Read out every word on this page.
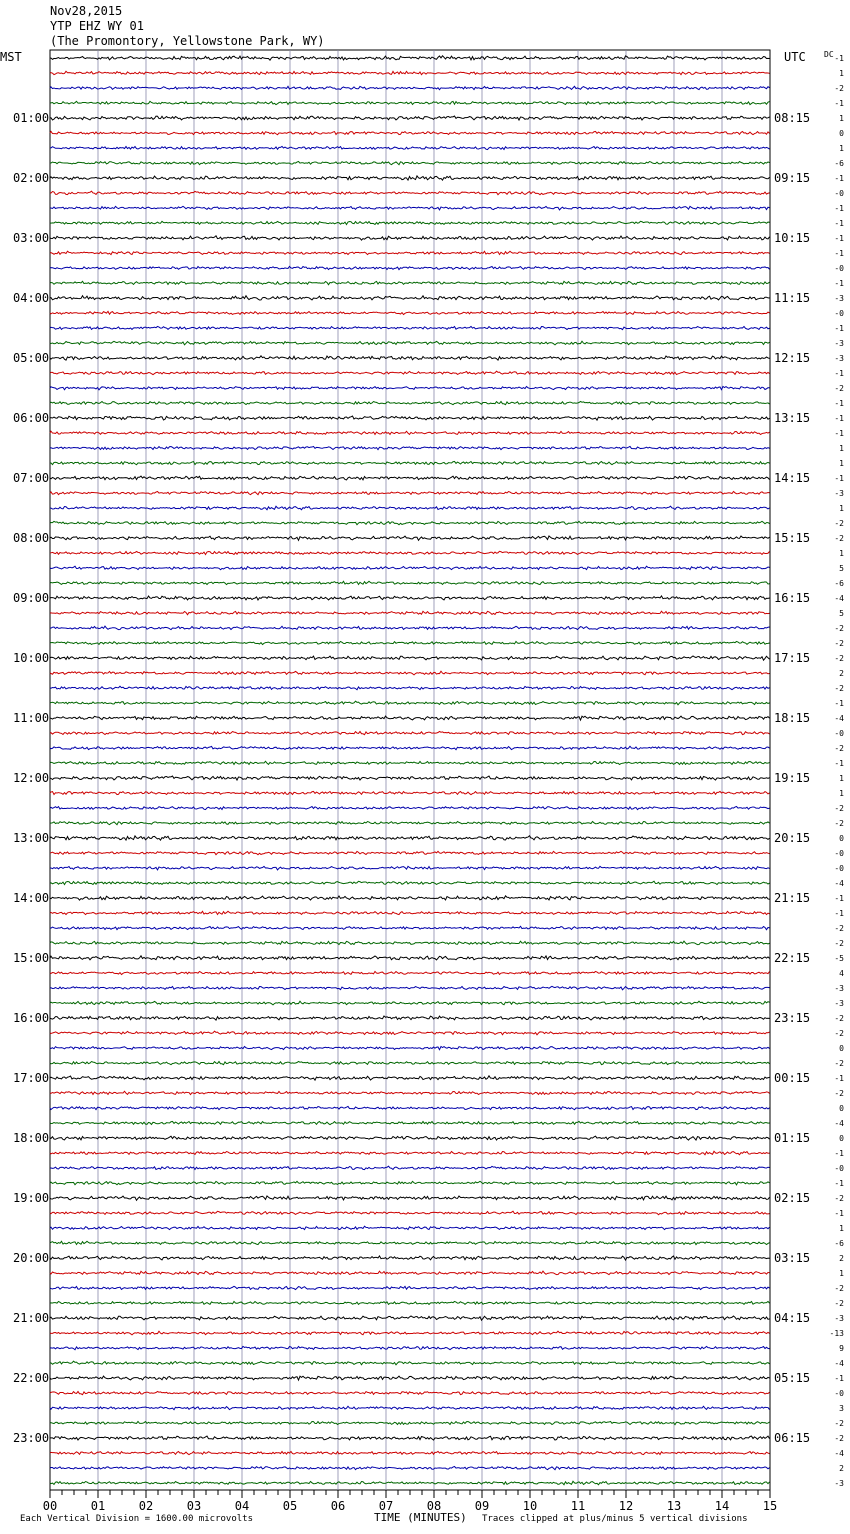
Nov28,2015
YTP EHZ WY 01
(The Promontory, Yellowstone Park, WY)
MST	UTC DC
01:00
02:00
03:00
04:00
05:00
06:00
07:00
08:00
09:00
10:00
11:00
12:00
13:00
14:00
15:00
16:00
17:00
18:00
19:00
20:00
21:00
22:00
23:00
08:15
09:15
10:15
11:15
12:15
13:15
14:15
15:15
16:15
17:15
18:15
19:15
20:15
21:15
22:15
23:15
00:15
01:15
02:15
03:15
04:15
05:15
06:15
-1
1
-2
-1
1
0
1
-6
-1
-0
-1
-1
-1
-1
-0
-1
-3
-0
-1
-3
-3
-1
-2
-1
-1
-1
1
1
-1
-3
1
-2
-2
1
5
-6
-4
5
-2
-2
-2
2
-2
-1
-4
-0
-2
-1
1
1
-2
-2
0
-0
-0
-4
-1
-1
-2
-2
-5
4
-3
-3
-2
-2
0
-2
-1
-2
0
-4
0
-1
-0
-1
-2
-1
1
-6
2
1
-2
-2
-3
-13
9
-4
-1
-0
3
-2
-2
-4
2
-3
00	01	02	03	04	05	06	07	08	09	10	11	12	13	14	15
Each Vertical Division = 1600.00 microvolts	TIME (MINUTES) Traces clipped at plus/minus 5 vertical divisions
